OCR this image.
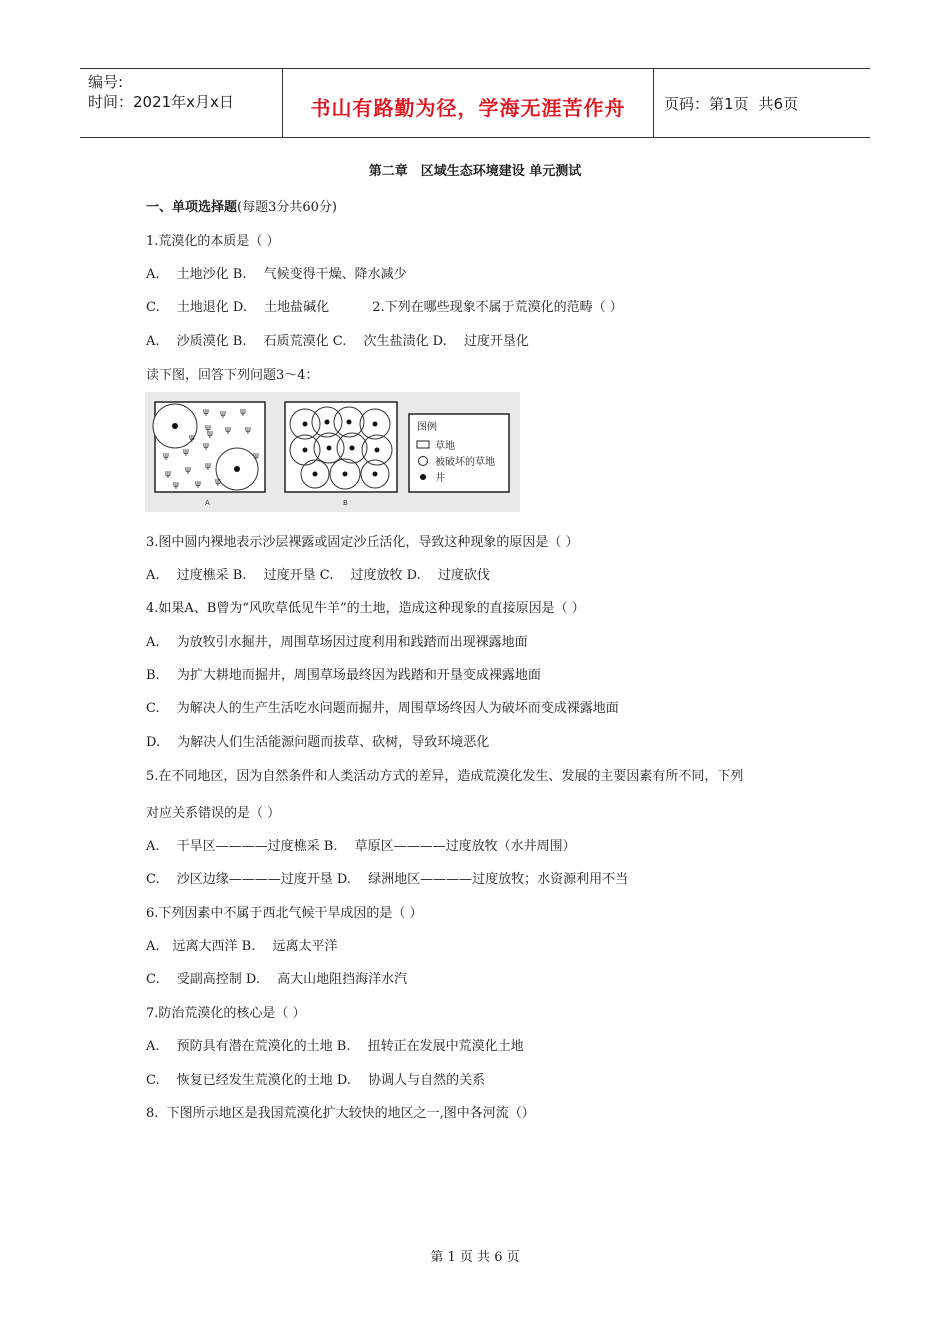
编号:
时间：2021年x月x日	书山有路勤为径，学海无涯苦作舟	页码：第1页 共6页
第二章　区域生态环境建设 单元测试
一、单项选择题(每题3分共60分)
1.荒漠化的本质是（ ）
A.　 土地沙化 B.　 气候变得干燥、降水减少
C.　 土地退化 D.　 土地盐碱化　　　 2.下列在哪些现象不属于荒漠化的范畴（ ）
A.　 沙质漠化 B.　 石质荒漠化 C.　 次生盐渍化 D.　 过度开垦化
读下图，回答下列问题3～4：
ψ ψ ψ
ψ ψ ψ
ψ ψ
ψ
ψ ψ ψ
ψ ψ ψ
ψ
ψ
ψ
A	B
图例
草地
被破坏的草地
井
3.图中圆内裸地表示沙层裸露或固定沙丘活化，导致这种现象的原因是（ ）
A.　 过度樵采 B.　 过度开垦 C.　 过度放牧 D.　 过度砍伐
4.如果A、B曾为“风吹草低见牛羊”的土地，造成这种现象的直接原因是（ ）
A.　 为放牧引水掘井，周围草场因过度利用和践踏而出现裸露地面
B.　 为扩大耕地而掘井，周围草场最终因为践踏和开垦变成裸露地面
C.　 为解决人的生产生活吃水问题而掘井，周围草场终因人为破坏而变成裸露地面
D.　 为解决人们生活能源问题而拔草、砍树，导致环境恶化
5.在不同地区，因为自然条件和人类活动方式的差异，造成荒漠化发生、发展的主要因素有所不同，下列
对应关系错误的是（ ）
A.　 干旱区————过度樵采 B.　 草原区————过度放牧（水井周围）
C.　 沙区边缘————过度开垦 D.　 绿洲地区————过度放牧；水资源利用不当
6.下列因素中不属于西北气候干旱成因的是（ ）
A.　远离大西洋 B.　 远离太平洋
C.　 受副高控制 D.　 高大山地阻挡海洋水汽
7.防治荒漠化的核心是（ ）
A.　 预防具有潜在荒漠化的土地 B.　 扭转正在发展中荒漠化土地
C.　 恢复已经发生荒漠化的土地 D.　 协调人与自然的关系
8.  下图所示地区是我国荒漠化扩大较快的地区之一,图中各河流（）
第 1 页 共 6 页
